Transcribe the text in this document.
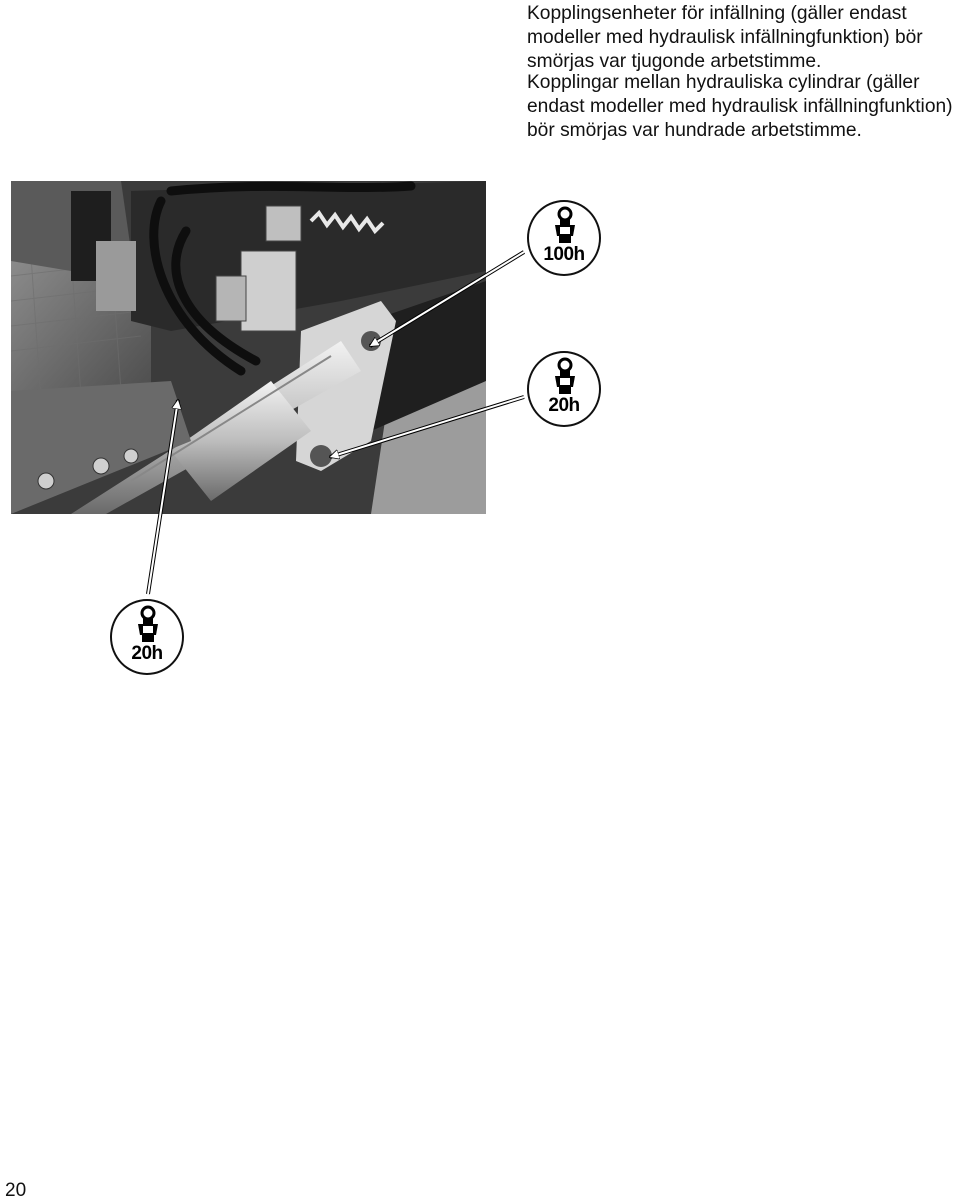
Kopplingsenheter för infällning (gäller endast modeller med hydraulisk infällningfunktion) bör smörjas var tjugonde arbetstimme.

Kopplingar mellan hydrauliska cylindrar (gäller endast modeller med hydraulisk infällningfunktion) bör smörjas var hundrade arbetstimme.

100h
20h
20h
20
